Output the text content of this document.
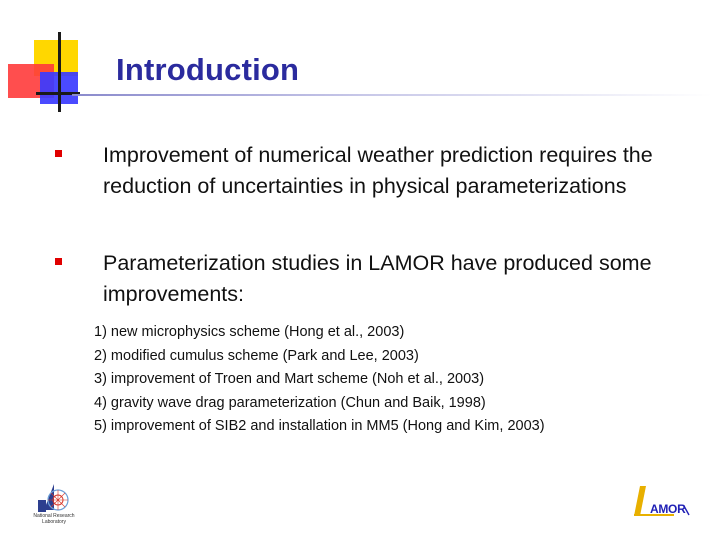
Introduction
Improvement of numerical weather prediction requires the reduction of uncertainties in physical parameterizations
Parameterization studies in LAMOR have produced some improvements:
1) new microphysics scheme (Hong et al., 2003)
2) modified cumulus scheme (Park and Lee, 2003)
3) improvement of Troen and Mart scheme (Noh et al., 2003)
4) gravity wave drag parameterization (Chun and Baik, 1998)
5) improvement of SIB2 and installation in MM5 (Hong and Kim, 2003)
National Research Laboratory
AMOR
